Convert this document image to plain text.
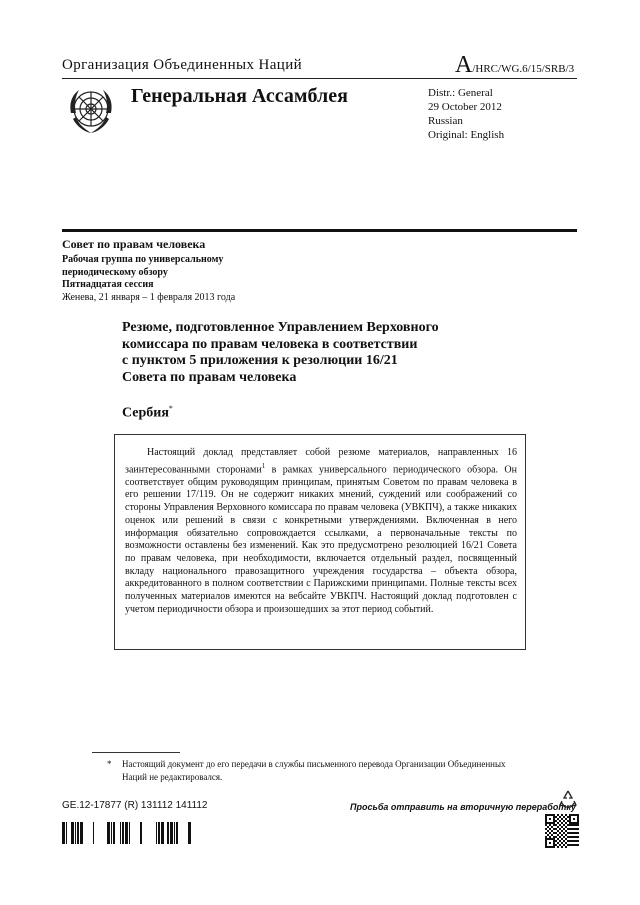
Организация Объединенных Наций	A/HRC/WG.6/15/SRB/3
Генеральная Ассамблея	Distr.: General
29 October 2012
Russian
Original: English
Совет по правам человека
Рабочая группа по универсальному
периодическому обзору
Пятнадцатая сессия
Женева, 21 января – 1 февраля 2013 года
Резюме, подготовленное Управлением Верховного
комиссара по правам человека в соответствии
с пунктом 5 приложения к резолюции 16/21
Совета по правам человека
Сербия*
Настоящий доклад представляет собой резюме материалов, направленных 16 заинтересованными сторонами$^1$ в рамках универсального периодического обзора. Он соответствует общим руководящим принципам, принятым Советом по правам человека в его решении 17/119. Он не содержит никаких мнений, суждений или соображений со стороны Управления Верховного комиссара по правам человека (УВКПЧ), а также никаких оценок или решений в связи с конкретными утверждениями. Включенная в него информация обязательно сопровождается ссылками, а первоначальные тексты по возможности оставлены без изменений. Как это предусмотрено резолюцией 16/21 Совета по правам человека, при необходимости, включается отдельный раздел, посвященный вкладу национального правозащитного учреждения государства – объекта обзора, аккредитованного в полном соответствии с Парижскими принципами. Полные тексты всех полученных материалов имеются на вебсайте УВКПЧ. Настоящий доклад подготовлен с учетом периодичности обзора и произошедших за этот период событий.
* Настоящий документ до его передачи в службы письменного перевода Организации Объединенных Наций не редактировался.
GE.12-17877 (R) 131112 141112	Просьба отправить на вторичную переработку
